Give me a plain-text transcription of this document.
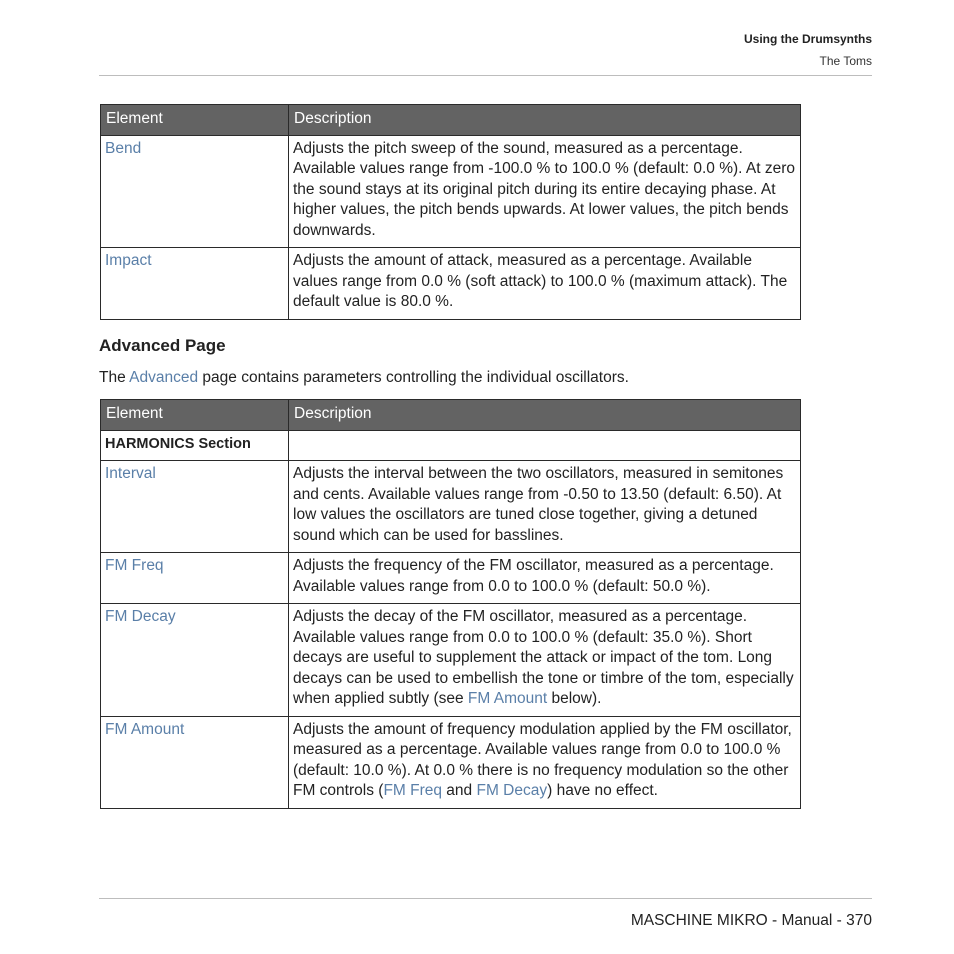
Using the Drumsynths
The Toms
Element	Description
Bend	Adjusts the pitch sweep of the sound, measured as a percentage. Available values range from -100.0 % to 100.0 % (default: 0.0 %). At zero the sound stays at its original pitch during its entire decaying phase. At higher values, the pitch bends upwards. At lower values, the pitch bends downwards.
Impact	Adjusts the amount of attack, measured as a percentage. Available values range from 0.0 % (soft attack) to 100.0 % (maximum attack). The default value is 80.0 %.
Advanced Page
The Advanced page contains parameters controlling the individual oscillators.
Element	Description
HARMONICS Section	
Interval	Adjusts the interval between the two oscillators, measured in semitones and cents. Available values range from -0.50 to 13.50 (default: 6.50). At low values the oscillators are tuned close together, giving a detuned sound which can be used for basslines.
FM Freq	Adjusts the frequency of the FM oscillator, measured as a percentage. Available values range from 0.0 to 100.0 % (default: 50.0 %).
FM Decay	Adjusts the decay of the FM oscillator, measured as a percentage. Available values range from 0.0 to 100.0 % (default: 35.0 %). Short decays are useful to supplement the attack or impact of the tom. Long decays can be used to embellish the tone or timbre of the tom, especially when applied subtly (see FM Amount below).
FM Amount	Adjusts the amount of frequency modulation applied by the FM oscillator, measured as a percentage. Available values range from 0.0 to 100.0 % (default: 10.0 %). At 0.0 % there is no frequency modulation so the other FM controls (FM Freq and FM Decay) have no effect.
MASCHINE MIKRO - Manual - 370
